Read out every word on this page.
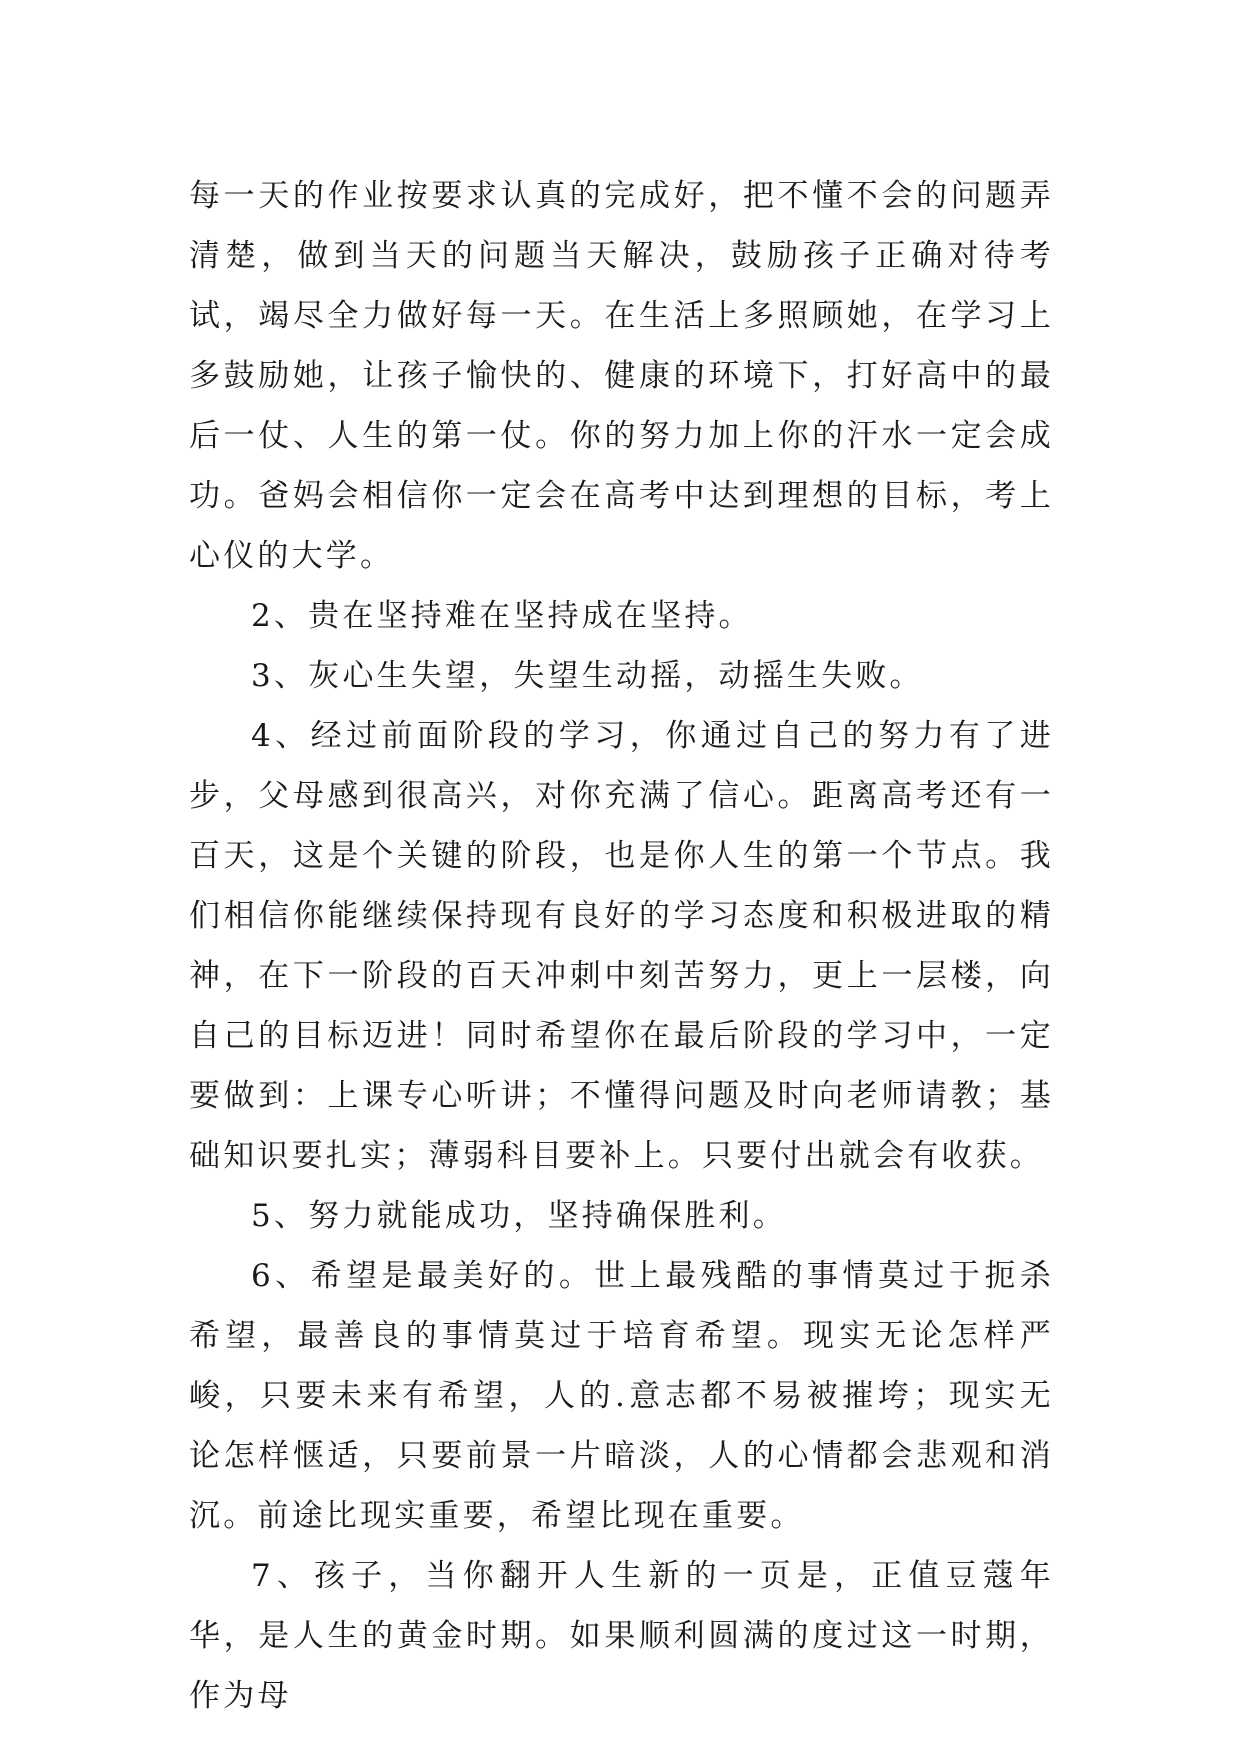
每一天的作业按要求认真的完成好，把不懂不会的问题弄清楚，做到当天的问题当天解决，鼓励孩子正确对待考试，竭尽全力做好每一天。在生活上多照顾她，在学习上多鼓励她，让孩子愉快的、健康的环境下，打好高中的最后一仗、人生的第一仗。你的努力加上你的汗水一定会成功。爸妈会相信你一定会在高考中达到理想的目标，考上心仪的大学。

2、贵在坚持难在坚持成在坚持。

3、灰心生失望，失望生动摇，动摇生失败。

4、经过前面阶段的学习，你通过自己的努力有了进步，父母感到很高兴，对你充满了信心。距离高考还有一百天，这是个关键的阶段，也是你人生的第一个节点。我们相信你能继续保持现有良好的学习态度和积极进取的精神，在下一阶段的百天冲刺中刻苦努力，更上一层楼，向自己的目标迈进！同时希望你在最后阶段的学习中，一定要做到：上课专心听讲；不懂得问题及时向老师请教；基础知识要扎实；薄弱科目要补上。只要付出就会有收获。

5、努力就能成功，坚持确保胜利。

6、希望是最美好的。世上最残酷的事情莫过于扼杀希望，最善良的事情莫过于培育希望。现实无论怎样严峻，只要未来有希望，人的.意志都不易被摧垮；现实无论怎样惬适，只要前景一片暗淡，人的心情都会悲观和消沉。前途比现实重要，希望比现在重要。

7、孩子，当你翻开人生新的一页是，正值豆蔻年华，是人生的黄金时期。如果顺利圆满的度过这一时期，作为母
